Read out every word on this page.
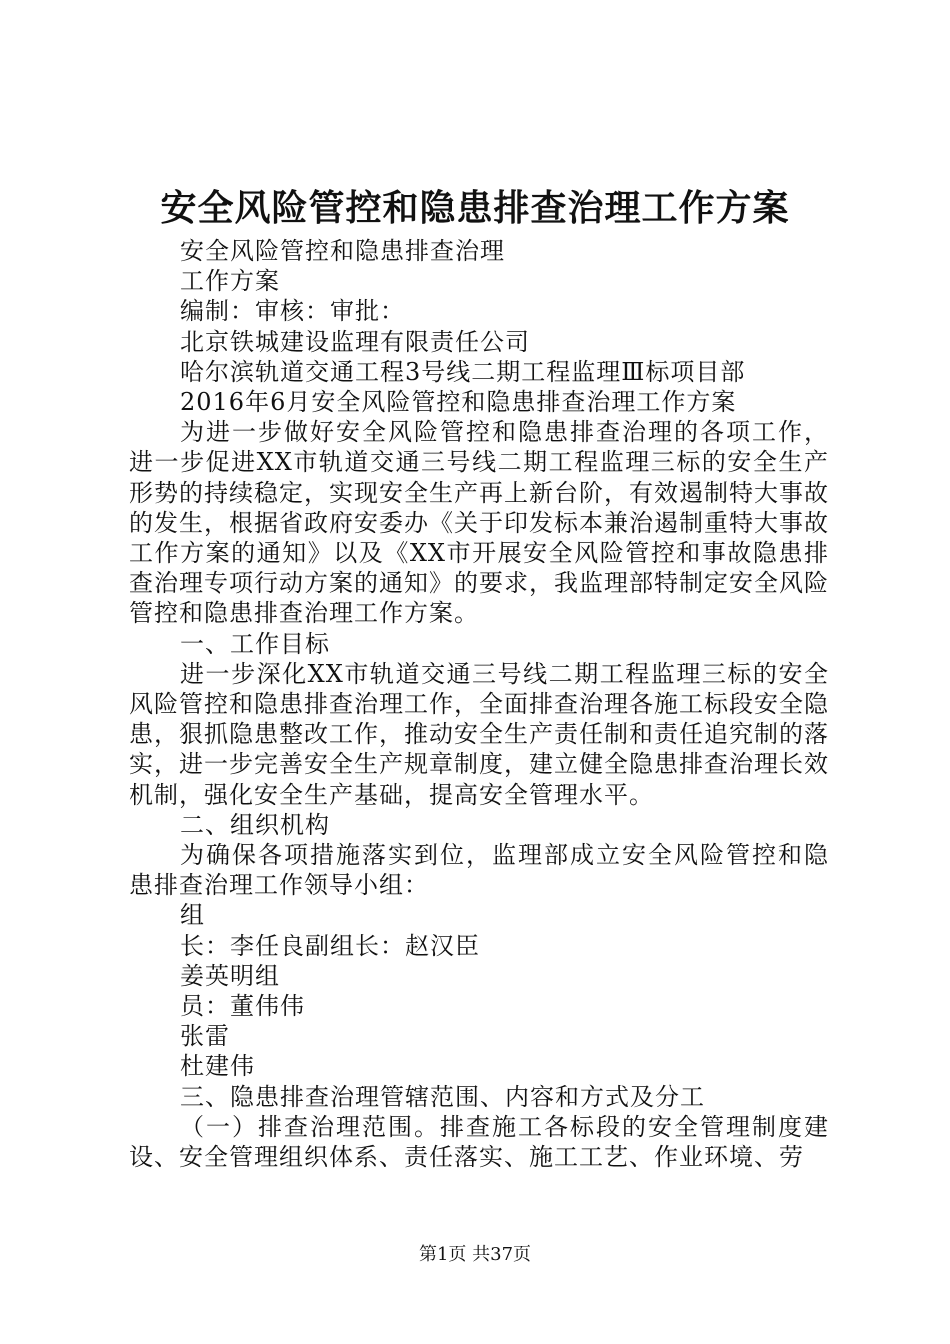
安全风险管控和隐患排查治理工作方案

安全风险管控和隐患排查治理

工作方案

编制：审核：审批：

北京铁城建设监理有限责任公司

哈尔滨轨道交通工程3号线二期工程监理Ⅲ标项目部

2016年6月安全风险管控和隐患排查治理工作方案

为进一步做好安全风险管控和隐患排查治理的各项工作，进一步促进XX市轨道交通三号线二期工程监理三标的安全生产形势的持续稳定，实现安全生产再上新台阶，有效遏制特大事故的发生，根据省政府安委办《关于印发标本兼治遏制重特大事故工作方案的通知》以及《XX市开展安全风险管控和事故隐患排查治理专项行动方案的通知》的要求，我监理部特制定安全风险管控和隐患排查治理工作方案。

一、工作目标

进一步深化XX市轨道交通三号线二期工程监理三标的安全风险管控和隐患排查治理工作，全面排查治理各施工标段安全隐患，狠抓隐患整改工作，推动安全生产责任制和责任追究制的落实，进一步完善安全生产规章制度，建立健全隐患排查治理长效机制，强化安全生产基础，提高安全管理水平。

二、组织机构

为确保各项措施落实到位，监理部成立安全风险管控和隐患排查治理工作领导小组：

组

长：李任良副组长：赵汉臣

姜英明组

员：董伟伟

张雷

杜建伟

三、隐患排查治理管辖范围、内容和方式及分工

（一）排查治理范围。排查施工各标段的安全管理制度建设、安全管理组织体系、责任落实、施工工艺、作业环境、劳

第1页 共37页
